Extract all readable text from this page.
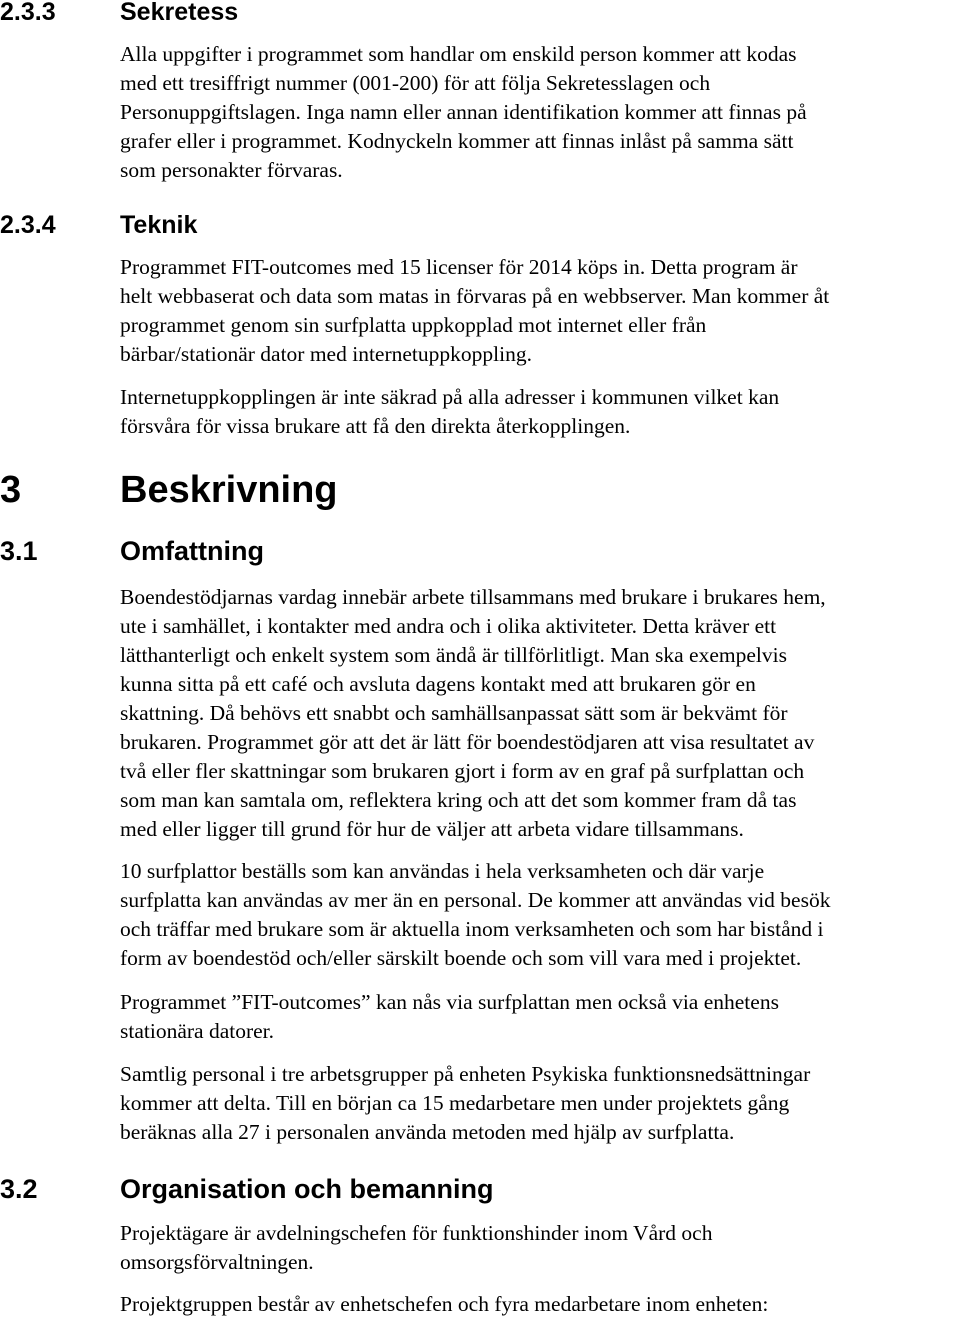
2.3.3	Sekretess
Alla uppgifter i programmet som handlar om enskild person kommer att kodas
med ett tresiffrigt nummer (001-200) för att följa Sekretesslagen och
Personuppgiftslagen. Inga namn eller annan identifikation kommer att finnas på
grafer eller i programmet. Kodnyckeln kommer att finnas inlåst på samma sätt
som personakter förvaras.
2.3.4	Teknik
Programmet FIT-outcomes med 15 licenser för 2014 köps in. Detta program är
helt webbaserat och data som matas in förvaras på en webbserver. Man kommer åt
programmet genom sin surfplatta uppkopplad mot internet eller från
bärbar/stationär dator med internetuppkoppling.
Internetuppkopplingen är inte säkrad på alla adresser i kommunen vilket kan
försvåra för vissa brukare att få den direkta återkopplingen.
3	Beskrivning
3.1	Omfattning
Boendestödjarnas vardag innebär arbete tillsammans med brukare i brukares hem,
ute i samhället, i kontakter med andra och i olika aktiviteter. Detta kräver ett
lätthanterligt och enkelt system som ändå är tillförlitligt. Man ska exempelvis
kunna sitta på ett café och avsluta dagens kontakt med att brukaren gör en
skattning. Då behövs ett snabbt och samhällsanpassat sätt som är bekvämt för
brukaren. Programmet gör att det är lätt för boendestödjaren att visa resultatet av
två eller fler skattningar som brukaren gjort i form av en graf på surfplattan och
som man kan samtala om, reflektera kring och att det som kommer fram då tas
med eller ligger till grund för hur de väljer att arbeta vidare tillsammans.
10 surfplattor beställs som kan användas i hela verksamheten och där varje
surfplatta kan användas av mer än en personal. De kommer att användas vid besök
och träffar med brukare som är aktuella inom verksamheten och som har bistånd i
form av boendestöd och/eller särskilt boende och som vill vara med i projektet.
Programmet ”FIT-outcomes” kan nås via surfplattan men också via enhetens
stationära datorer.
Samtlig personal i tre arbetsgrupper på enheten Psykiska funktionsnedsättningar
kommer att delta. Till en början ca 15 medarbetare men under projektets gång
beräknas alla 27 i personalen använda metoden med hjälp av surfplatta.
3.2	Organisation och bemanning
Projektägare är avdelningschefen för funktionshinder inom Vård och
omsorgsförvaltningen.
Projektgruppen består av enhetschefen och fyra medarbetare inom enheten:
